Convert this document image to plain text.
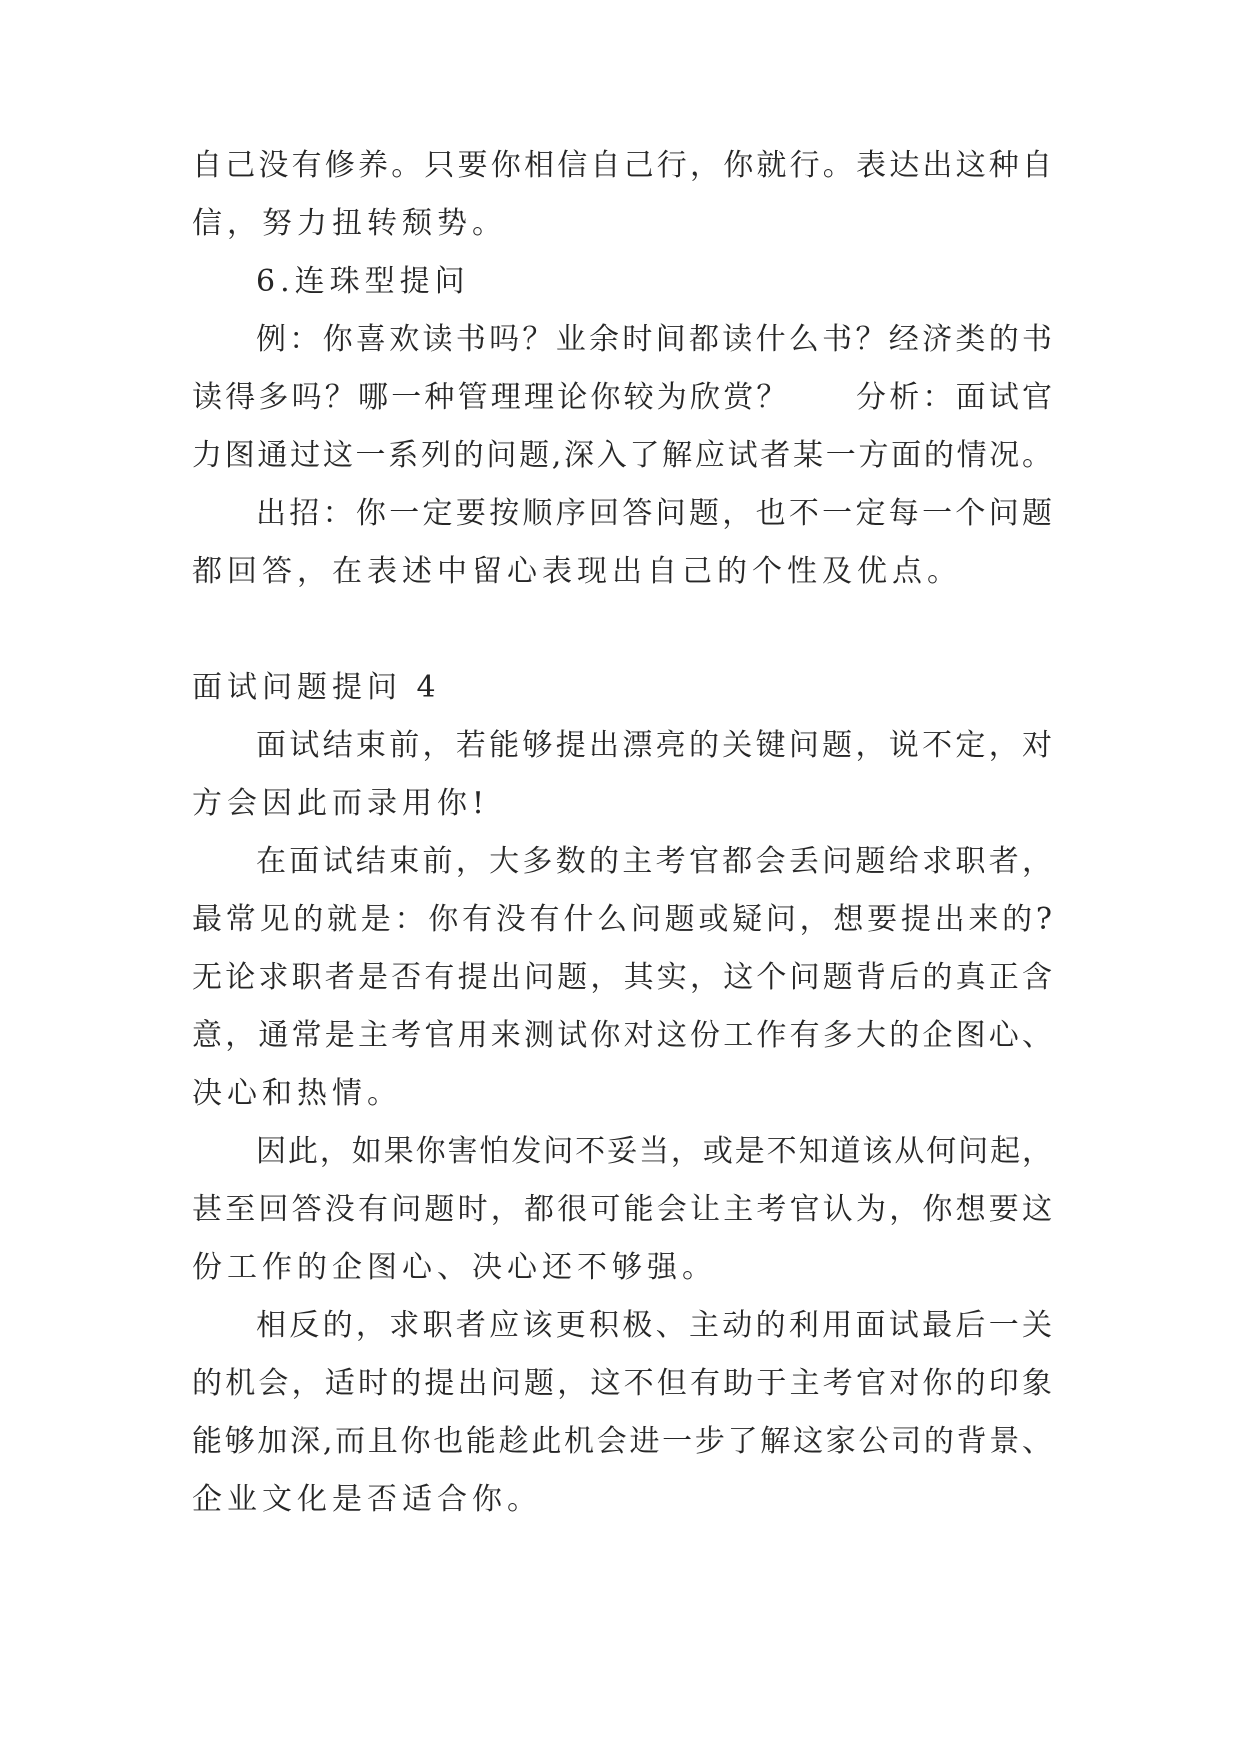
自己没有修养。只要你相信自己行，你就行。表达出这种自
信，努力扭转颓势。
6.连珠型提问
例：你喜欢读书吗？业余时间都读什么书？经济类的书
读得多吗？哪一种管理理论你较为欣赏？　　分析：面试官
力图通过这一系列的问题,深入了解应试者某一方面的情况。
出招：你一定要按顺序回答问题，也不一定每一个问题
都回答，在表述中留心表现出自己的个性及优点。
面试问题提问 4
面试结束前，若能够提出漂亮的关键问题，说不定，对
方会因此而录用你!
在面试结束前，大多数的主考官都会丢问题给求职者，
最常见的就是：你有没有什么问题或疑问，想要提出来的?
无论求职者是否有提出问题，其实，这个问题背后的真正含
意，通常是主考官用来测试你对这份工作有多大的企图心、
决心和热情。
因此，如果你害怕发问不妥当，或是不知道该从何问起，
甚至回答没有问题时，都很可能会让主考官认为，你想要这
份工作的企图心、决心还不够强。
相反的，求职者应该更积极、主动的利用面试最后一关
的机会，适时的提出问题，这不但有助于主考官对你的印象
能够加深,而且你也能趁此机会进一步了解这家公司的背景、
企业文化是否适合你。
